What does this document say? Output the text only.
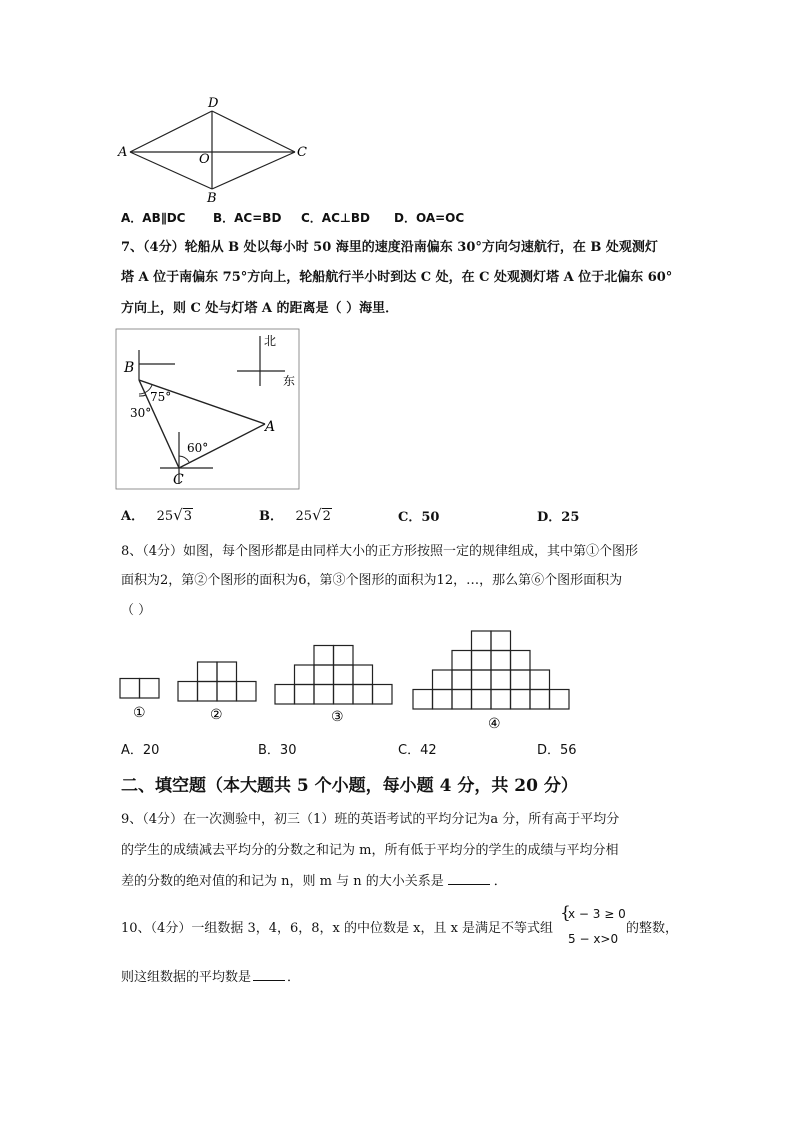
D
A	C
O
B
A．AB∥DC B．AC=BD C．AC⊥BD D．OA=OC
7、（4分）轮船从 B 处以每小时 50 海里的速度沿南偏东 30°方向匀速航行，在 B 处观测灯
塔 A 位于南偏东 75°方向上，轮船航行半小时到达 C 处，在 C 处观测灯塔 A 位于北偏东 60°
方向上，则 C 处与灯塔 A 的距离是（ ）海里．
B
75°
30°
A
60°
C
北
东
A． 25√3	B． 25√2	C．50	D．25
8、（4分）如图，每个图形都是由同样大小的正方形按照一定的规律组成，其中第①个图形
面积为2，第②个图形的面积为6，第③个图形的面积为12，…，那么第⑥个图形面积为
（ ）
①	②	③	④
A．20	B．30	C．42	D．56
二、填空题（本大题共 5 个小题，每小题 4 分，共 20 分）
9、（4分）在一次测验中，初三（1）班的英语考试的平均分记为a 分，所有高于平均分
的学生的成绩减去平均分的分数之和记为 m，所有低于平均分的学生的成绩与平均分相
差的分数的绝对值的和记为 n，则 m 与 n 的大小关系是	．
10、（4分）一组数据 3，4，6，8，x 的中位数是 x，且 x 是满足不等式组
{
x − 3 ≥ 0
5 − x>0
的整数，
则这组数据的平均数是	．
